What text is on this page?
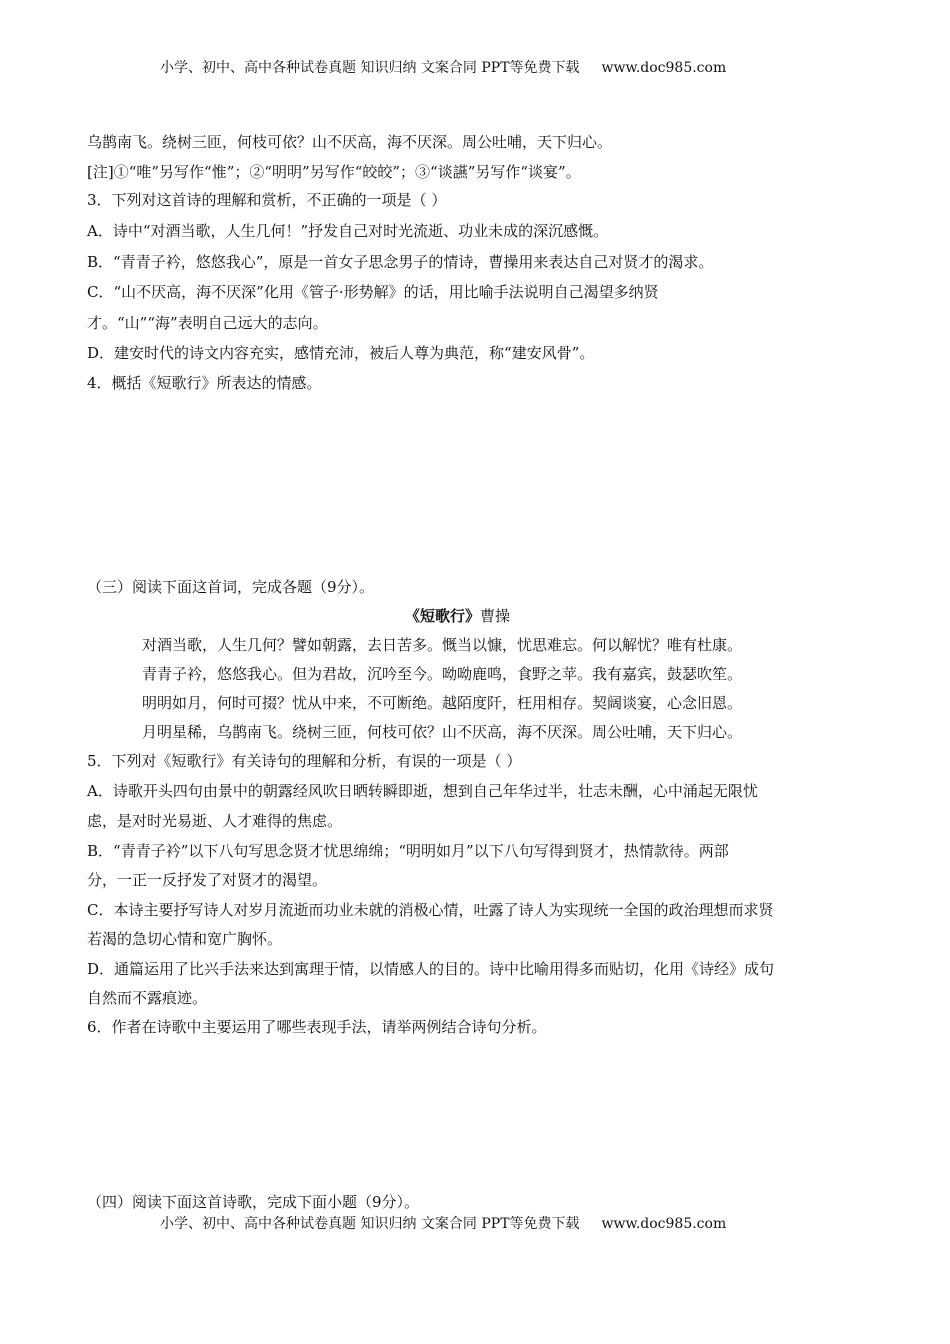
小学、初中、高中各种试卷真题 知识归纳 文案合同 PPT等免费下载 www.doc985.com
乌鹊南飞。绕树三匝，何枝可依？山不厌高，海不厌深。周公吐哺，天下归心。
[注]①“唯”另写作“惟”；②“明明”另写作“皎皎”；③“谈讌”另写作“谈宴”。
3．下列对这首诗的理解和赏析，不正确的一项是（ ）
A．诗中“对酒当歌，人生几何！”抒发自己对时光流逝、功业未成的深沉感慨。
B．“青青子衿，悠悠我心”，原是一首女子思念男子的情诗，曹操用来表达自己对贤才的渴求。
C．“山不厌高，海不厌深”化用《管子·形势解》的话，用比喻手法说明自己渴望多纳贤
才。“山”“海”表明自己远大的志向。
D．建安时代的诗文内容充实，感情充沛，被后人尊为典范，称“建安风骨”。
4．概括《短歌行》所表达的情感。
（三）阅读下面这首词，完成各题（9分）。
《短歌行》曹操
对酒当歌，人生几何？譬如朝露，去日苦多。慨当以慷，忧思难忘。何以解忧？唯有杜康。
青青子衿，悠悠我心。但为君故，沉吟至今。呦呦鹿鸣，食野之苹。我有嘉宾，鼓瑟吹笙。
明明如月，何时可掇？忧从中来，不可断绝。越陌度阡，枉用相存。契阔谈宴，心念旧恩。
月明星稀，乌鹊南飞。绕树三匝，何枝可依？山不厌高，海不厌深。周公吐哺，天下归心。
5．下列对《短歌行》有关诗句的理解和分析，有误的一项是（ ）
A．诗歌开头四句由景中的朝露经风吹日晒转瞬即逝，想到自己年华过半，壮志未酬，心中涌起无限忧
虑，是对时光易逝、人才难得的焦虑。
B．“青青子衿”以下八句写思念贤才忧思绵绵；“明明如月”以下八句写得到贤才，热情款待。两部
分，一正一反抒发了对贤才的渴望。
C．本诗主要抒写诗人对岁月流逝而功业未就的消极心情，吐露了诗人为实现统一全国的政治理想而求贤
若渴的急切心情和宽广胸怀。
D．通篇运用了比兴手法来达到寓理于情，以情感人的目的。诗中比喻用得多而贴切，化用《诗经》成句
自然而不露痕迹。
6．作者在诗歌中主要运用了哪些表现手法，请举两例结合诗句分析。
（四）阅读下面这首诗歌，完成下面小题（9分）。
小学、初中、高中各种试卷真题 知识归纳 文案合同 PPT等免费下载 www.doc985.com
